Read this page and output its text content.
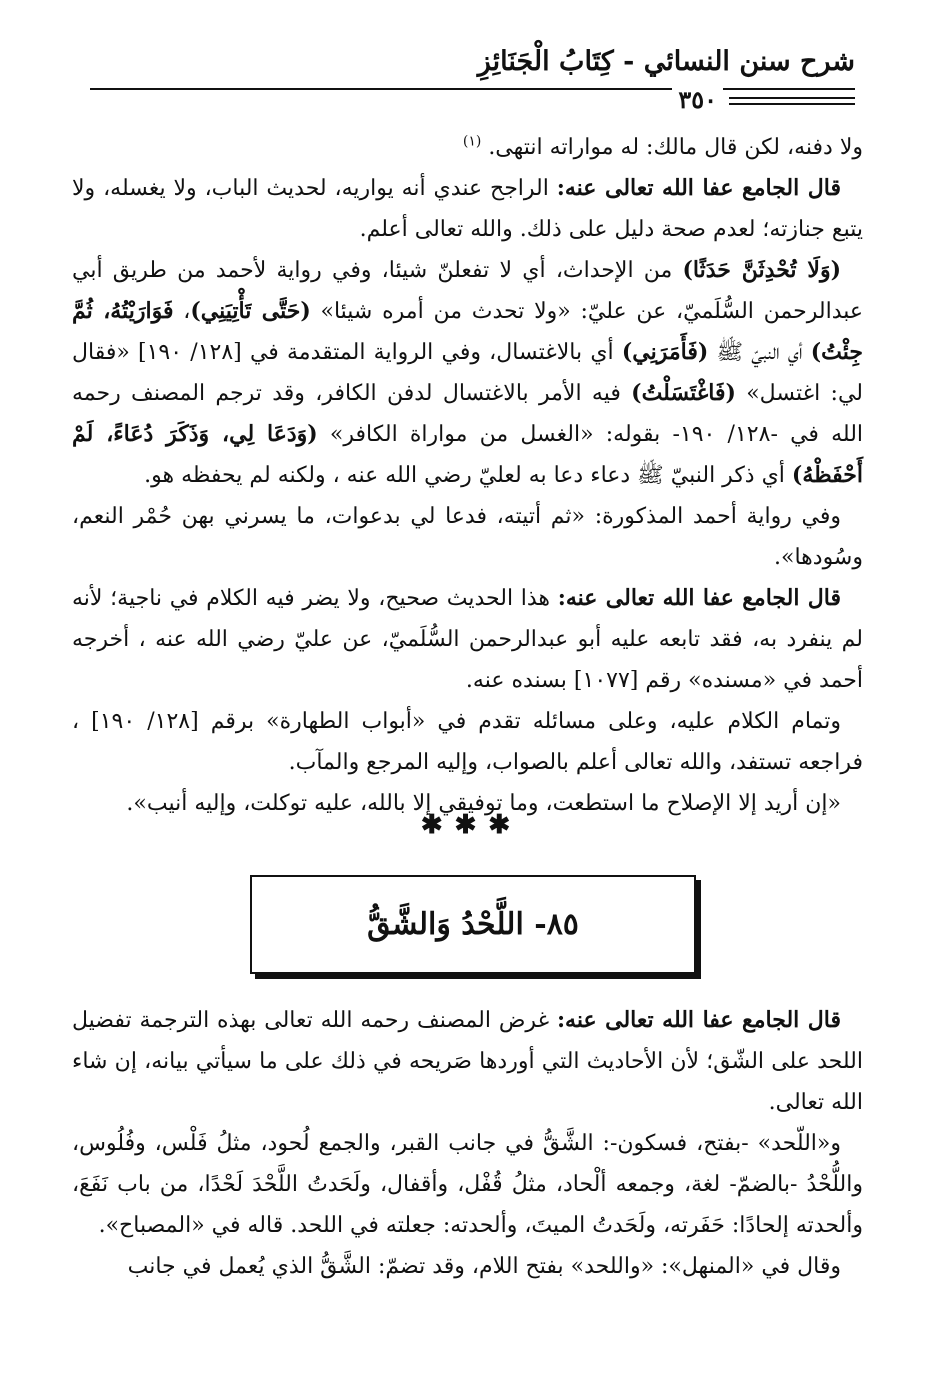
شرح سنن النسائي - كِتَابُ الْجَنَائِزِ
٣٥٠

ولا دفنه، لكن قال مالك: له مواراته انتهى. $^{(١)}$

قال الجامع عفا الله تعالى عنه: الراجح عندي أنه يواريه، لحديث الباب، ولا يغسله، ولا يتبع جنازته؛ لعدم صحة دليل على ذلك. والله تعالى أعلم.

(وَلَا تُحْدِثَنَّ حَدَثًا) من الإحداث، أي لا تفعلنّ شيئا، وفي رواية لأحمد من طريق أبي عبدالرحمن السُّلَميّ، عن عليّ: «ولا تحدث من أمره شيئا» (حَتَّى تَأْتِيَنِي)، فَوَارَيْتُهُ، ثُمَّ جِئْتُ) أي النبيّ ﷺ (فَأَمَرَنِي) أي بالاغتسال، وفي الرواية المتقدمة في [١٢٨/ ١٩٠] «فقال لي: اغتسل» (فَاغْتَسَلْتُ) فيه الأمر بالاغتسال لدفن الكافر، وقد ترجم المصنف رحمه الله في -١٢٨/ ١٩٠- بقوله: «الغسل من مواراة الكافر» (وَدَعَا لِي، وَذَكَرَ دُعَاءً، لَمْ أَحْفَظْهُ) أي ذكر النبيّ ﷺ دعاء دعا به لعليّ رضي الله عنه ، ولكنه لم يحفظه هو.

وفي رواية أحمد المذكورة: «ثم أتيته، فدعا لي بدعوات، ما يسرني بهن حُمْر النعم، وسُودها».

قال الجامع عفا الله تعالى عنه: هذا الحديث صحيح، ولا يضر فيه الكلام في ناجية؛ لأنه لم ينفرد به، فقد تابعه عليه أبو عبدالرحمن السُّلَميّ، عن عليّ رضي الله عنه ، أخرجه أحمد في «مسنده» رقم [١٠٧٧] بسنده عنه.

وتمام الكلام عليه، وعلى مسائله تقدم في «أبواب الطهارة» برقم [١٢٨/ ١٩٠] ، فراجعه تستفد، والله تعالى أعلم بالصواب، وإليه المرجع والمآب.

«إن أريد إلا الإصلاح ما استطعت، وما توفيقي إلا بالله، عليه توكلت، وإليه أنيب».

✱✱✱
٨٥- اللَّحْدُ وَالشَّقُّ

قال الجامع عفا الله تعالى عنه: غرض المصنف رحمه الله تعالى بهذه الترجمة تفضيل اللحد على الشّق؛ لأن الأحاديث التي أوردها صَريحه في ذلك على ما سيأتي بيانه، إن شاء الله تعالى.

و«اللّحد» -بفتح، فسكون-: الشَّقُّ في جانب القبر، والجمع لُحود، مثلُ فَلْس، وفُلُوس، واللُّحْدُ -بالضمّ- لغة، وجمعه ألْحاد، مثلُ قُفْل، وأقفال، ولَحَدتُ اللَّحْدَ لَحْدًا، من باب نَفَعَ، وألحدته إلحادًا: حَفَرته، ولَحَدتُ الميتَ، وألحدته: جعلته في اللحد. قاله في «المصباح».

وقال في «المنهل»: «واللحد» بفتح اللام، وقد تضمّ: الشَّقُّ الذي يُعمل في جانب
